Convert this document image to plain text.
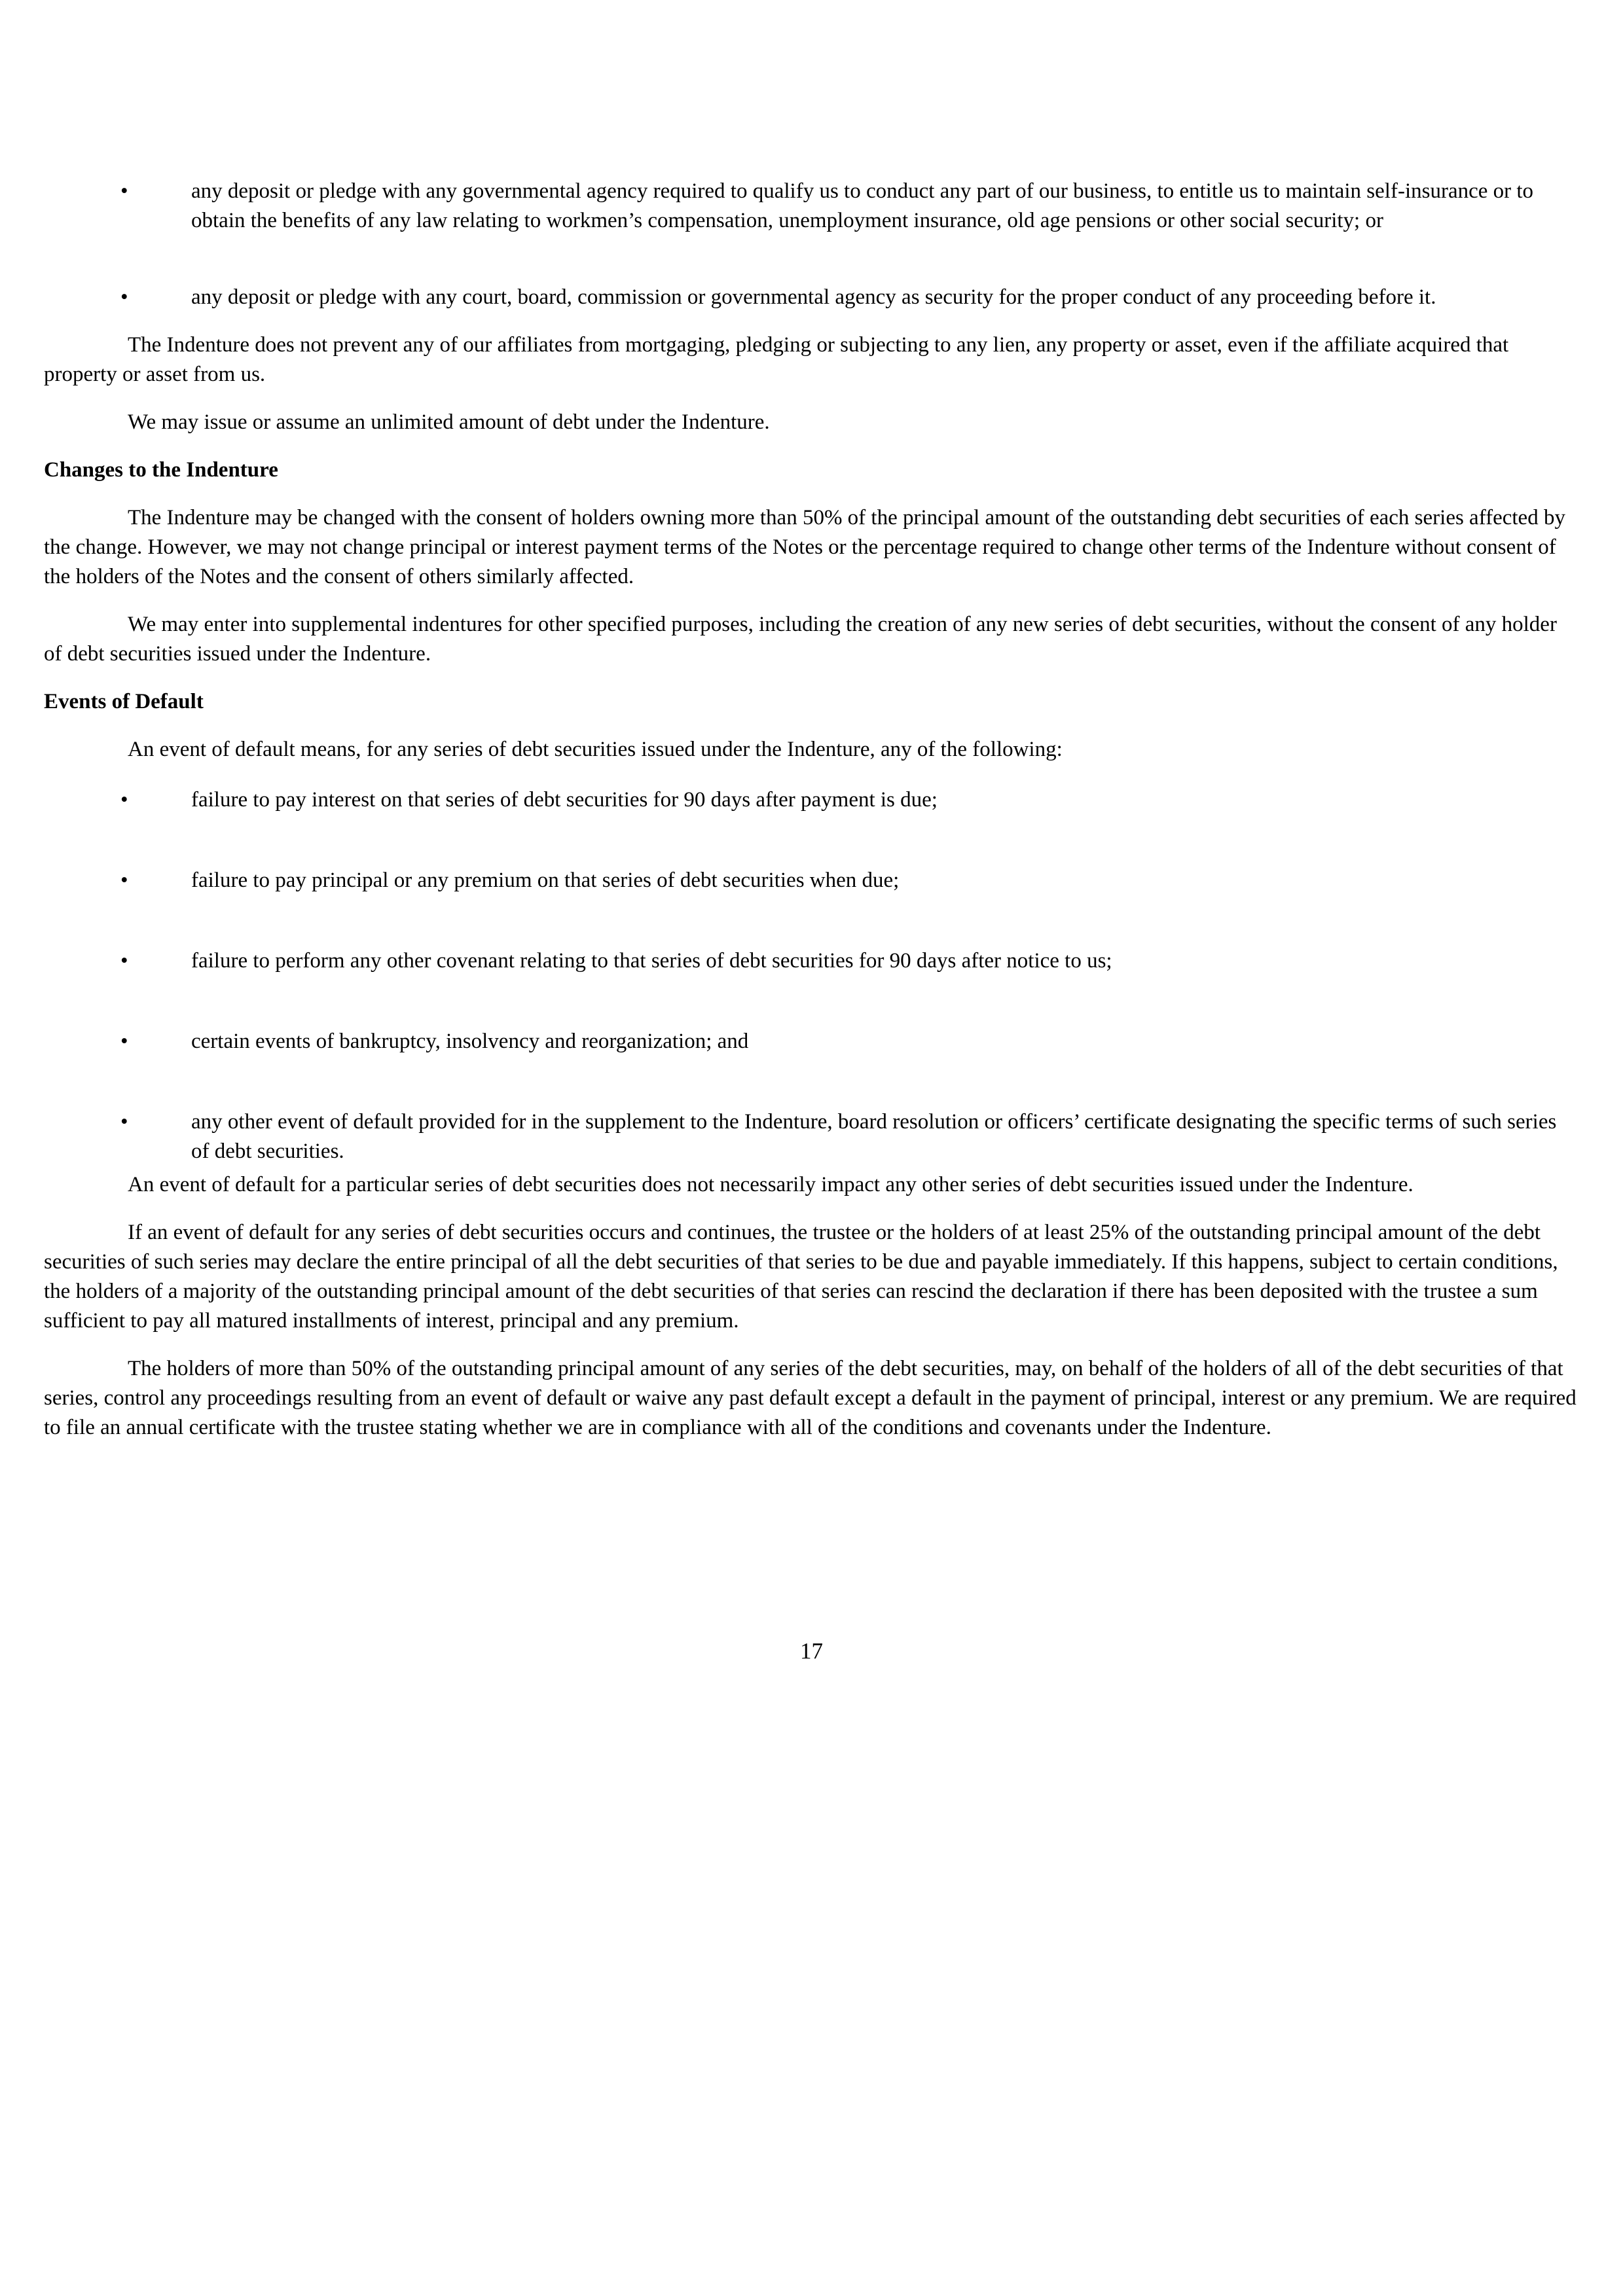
•	any deposit or pledge with any governmental agency required to qualify us to conduct any part of our business, to entitle us to maintain self-insurance or to obtain the benefits of any law relating to workmen’s compensation, unemployment insurance, old age pensions or other social security; or
•	any deposit or pledge with any court, board, commission or governmental agency as security for the proper conduct of any proceeding before it.

The Indenture does not prevent any of our affiliates from mortgaging, pledging or subjecting to any lien, any property or asset, even if the affiliate acquired that property or asset from us.

We may issue or assume an unlimited amount of debt under the Indenture.

Changes to the Indenture

The Indenture may be changed with the consent of holders owning more than 50% of the principal amount of the outstanding debt securities of each series affected by the change. However, we may not change principal or interest payment terms of the Notes or the percentage required to change other terms of the Indenture without consent of the holders of the Notes and the consent of others similarly affected.

We may enter into supplemental indentures for other specified purposes, including the creation of any new series of debt securities, without the consent of any holder of debt securities issued under the Indenture.

Events of Default

An event of default means, for any series of debt securities issued under the Indenture, any of the following:

•	failure to pay interest on that series of debt securities for 90 days after payment is due;
•	failure to pay principal or any premium on that series of debt securities when due;
•	failure to perform any other covenant relating to that series of debt securities for 90 days after notice to us;
•	certain events of bankruptcy, insolvency and reorganization; and
•	any other event of default provided for in the supplement to the Indenture, board resolution or officers’ certificate designating the specific terms of such series of debt securities.

An event of default for a particular series of debt securities does not necessarily impact any other series of debt securities issued under the Indenture.

If an event of default for any series of debt securities occurs and continues, the trustee or the holders of at least 25% of the outstanding principal amount of the debt securities of such series may declare the entire principal of all the debt securities of that series to be due and payable immediately. If this happens, subject to certain conditions, the holders of a majority of the outstanding principal amount of the debt securities of that series can rescind the declaration if there has been deposited with the trustee a sum sufficient to pay all matured installments of interest, principal and any premium.

The holders of more than 50% of the outstanding principal amount of any series of the debt securities, may, on behalf of the holders of all of the debt securities of that series, control any proceedings resulting from an event of default or waive any past default except a default in the payment of principal, interest or any premium. We are required to file an annual certificate with the trustee stating whether we are in compliance with all of the conditions and covenants under the Indenture.

17
